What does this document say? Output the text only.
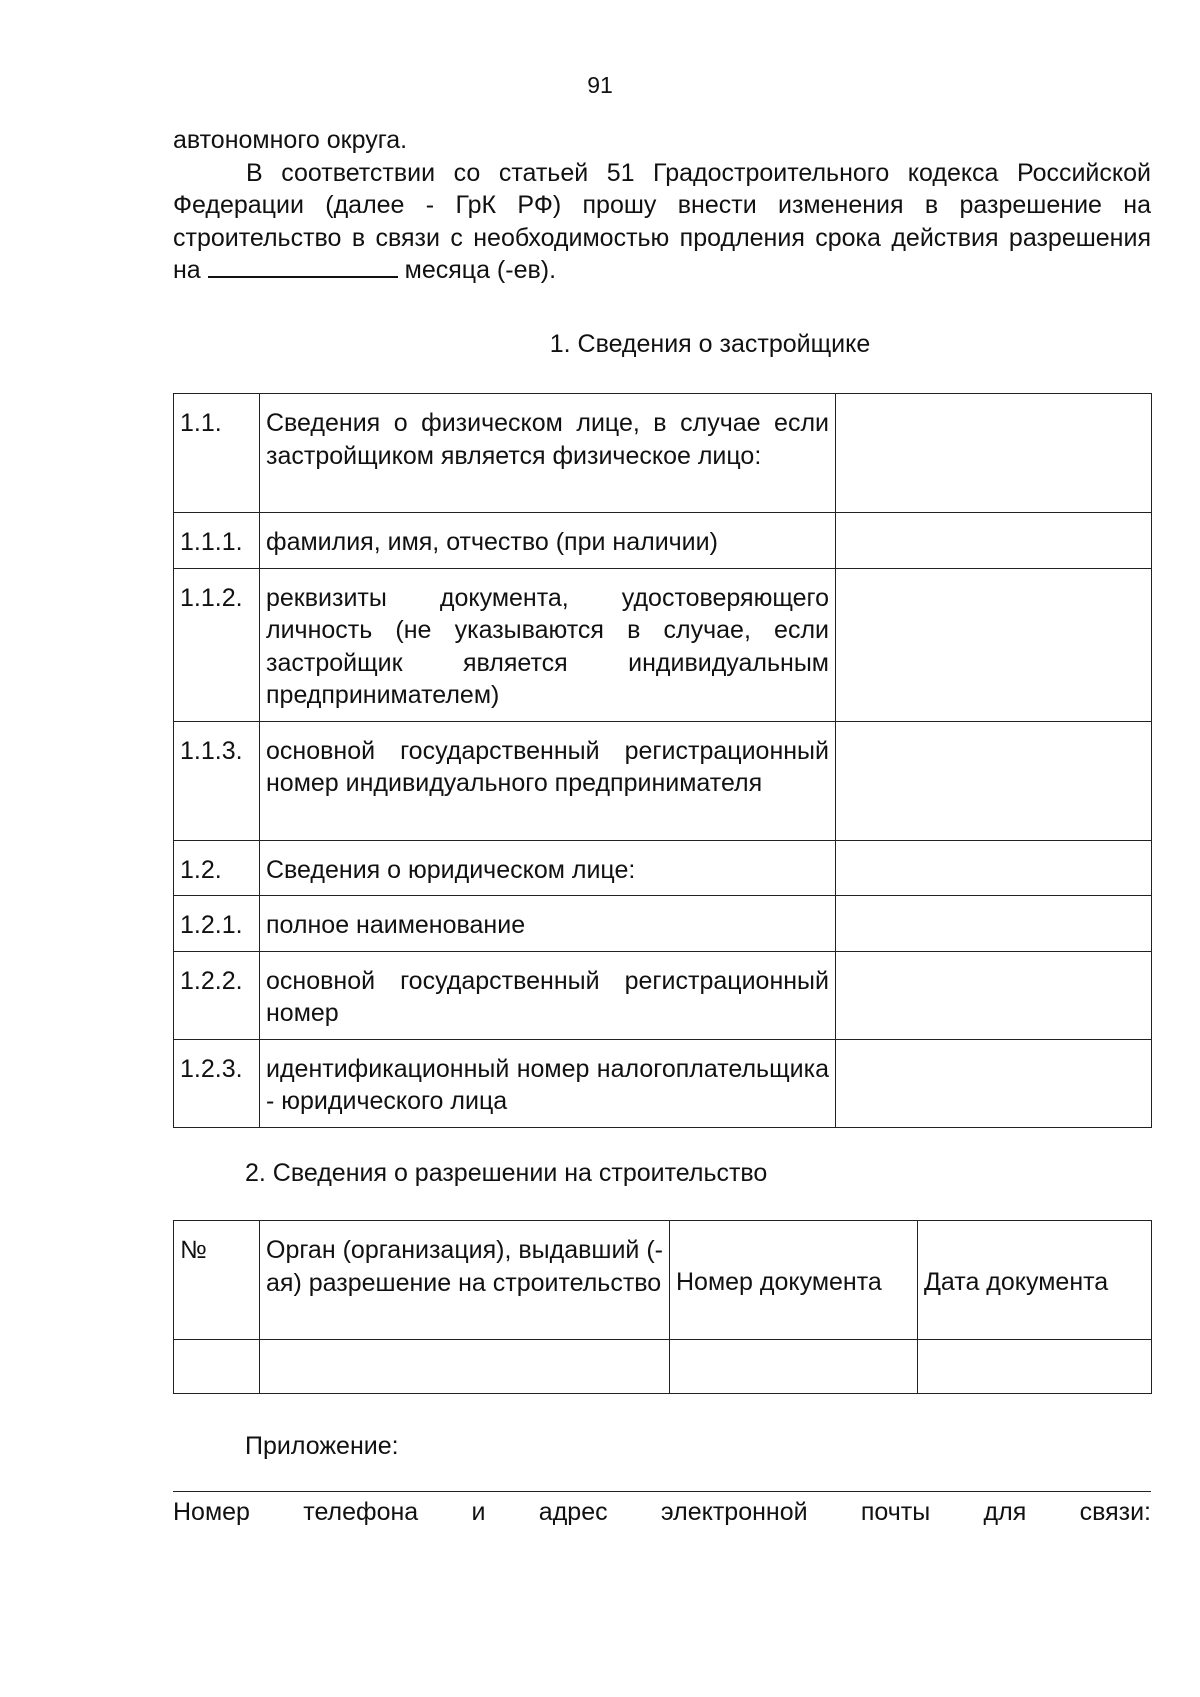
91

автономного округа.

В соответствии со статьей 51 Градостроительного кодекса Российской Федерации (далее - ГрК РФ) прошу внести изменения в разрешение на строительство в связи с необходимостью продления срока действия разрешения на	месяца (-ев).

1. Сведения о застройщике
1.1.	Сведения о физическом лице, в случае если застройщиком является физическое лицо:	
1.1.1.	фамилия, имя, отчество (при наличии)	
1.1.2.	реквизиты документа, удостоверяющего личность (не указываются в случае, если застройщик является индивидуальным предпринимателем)	
1.1.3.	основной государственный регистрационный номер индивидуального предпринимателя	
1.2.	Сведения о юридическом лице:	
1.2.1.	полное наименование	
1.2.2.	основной государственный регистрационный номер	
1.2.3.	идентификационный номер налогоплательщика - юридического лица	
2. Сведения о разрешении на строительство
№	Орган (организация), выдавший (-ая) разрешение на строительство	Номер документа	Дата документа

Приложение:
Номер телефона и адрес электронной почты для связи:
